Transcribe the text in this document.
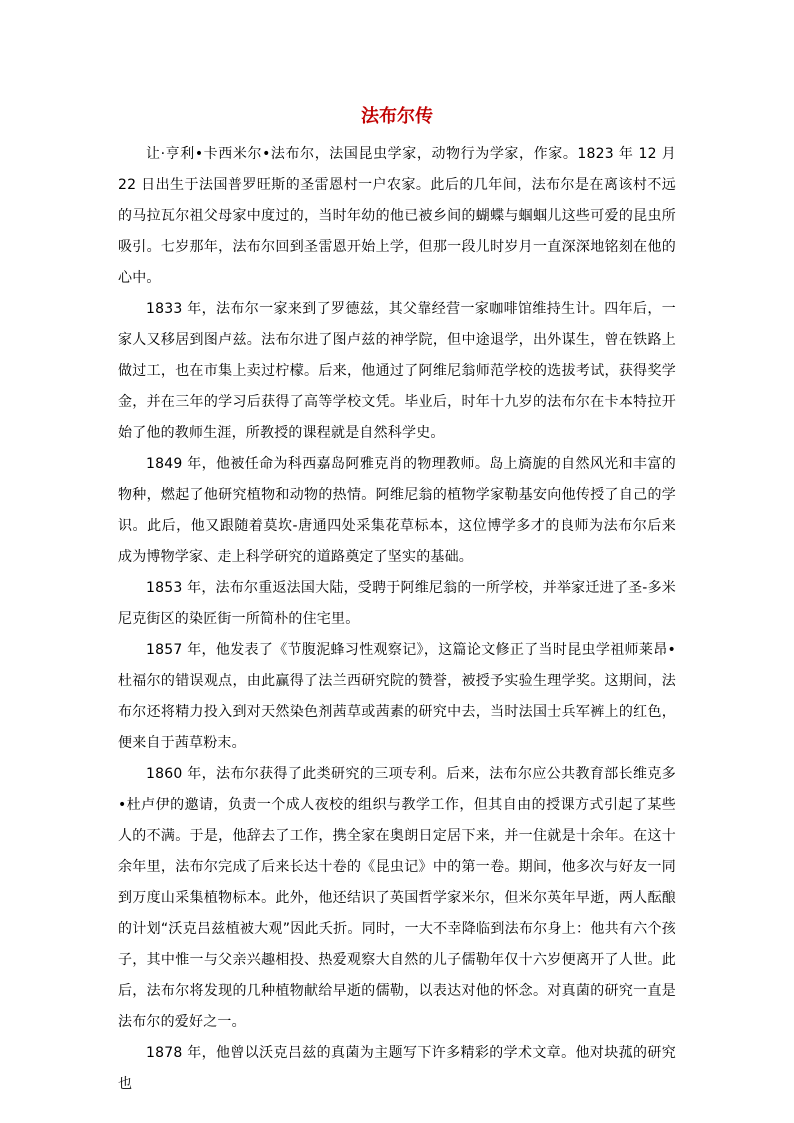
法布尔传

让·亨利•卡西米尔•法布尔，法国昆虫学家，动物行为学家，作家。1823 年 12 月22 日出生于法国普罗旺斯的圣雷恩村一户农家。此后的几年间，法布尔是在离该村不远的马拉瓦尔祖父母家中度过的，当时年幼的他已被乡间的蝴蝶与蝈蝈儿这些可爱的昆虫所吸引。七岁那年，法布尔回到圣雷恩开始上学，但那一段儿时岁月一直深深地铭刻在他的心中。

1833 年，法布尔一家来到了罗德兹，其父靠经营一家咖啡馆维持生计。四年后，一家人又移居到图卢兹。法布尔进了图卢兹的神学院，但中途退学，出外谋生，曾在铁路上做过工，也在市集上卖过柠檬。后来，他通过了阿维尼翁师范学校的选拔考试，获得奖学金，并在三年的学习后获得了高等学校文凭。毕业后，时年十九岁的法布尔在卡本特拉开始了他的教师生涯，所教授的课程就是自然科学史。

1849 年，他被任命为科西嘉岛阿雅克肖的物理教师。岛上旖旎的自然风光和丰富的物种，燃起了他研究植物和动物的热情。阿维尼翁的植物学家勒基安向他传授了自己的学识。此后，他又跟随着莫坎-唐通四处采集花草标本，这位博学多才的良师为法布尔后来成为博物学家、走上科学研究的道路奠定了坚实的基础。

1853 年，法布尔重返法国大陆，受聘于阿维尼翁的一所学校，并举家迁进了圣-多米尼克街区的染匠街一所简朴的住宅里。

1857 年，他发表了《节腹泥蜂习性观察记》，这篇论文修正了当时昆虫学祖师莱昂•杜福尔的错误观点，由此赢得了法兰西研究院的赞誉，被授予实验生理学奖。这期间，法布尔还将精力投入到对天然染色剂茜草或茜素的研究中去，当时法国士兵军裤上的红色，便来自于茜草粉末。

1860 年，法布尔获得了此类研究的三项专利。后来，法布尔应公共教育部长维克多•杜卢伊的邀请，负责一个成人夜校的组织与教学工作，但其自由的授课方式引起了某些人的不满。于是，他辞去了工作，携全家在奥朗日定居下来，并一住就是十余年。在这十余年里，法布尔完成了后来长达十卷的《昆虫记》中的第一卷。期间，他多次与好友一同到万度山采集植物标本。此外，他还结识了英国哲学家米尔，但米尔英年早逝，两人酝酿的计划“沃克吕兹植被大观”因此夭折。同时，一大不幸降临到法布尔身上：他共有六个孩子，其中惟一与父亲兴趣相投、热爱观察大自然的儿子儒勒年仅十六岁便离开了人世。此后，法布尔将发现的几种植物献给早逝的儒勒，以表达对他的怀念。对真菌的研究一直是法布尔的爱好之一。

1878 年，他曾以沃克吕兹的真菌为主题写下许多精彩的学术文章。他对块菰的研究也
